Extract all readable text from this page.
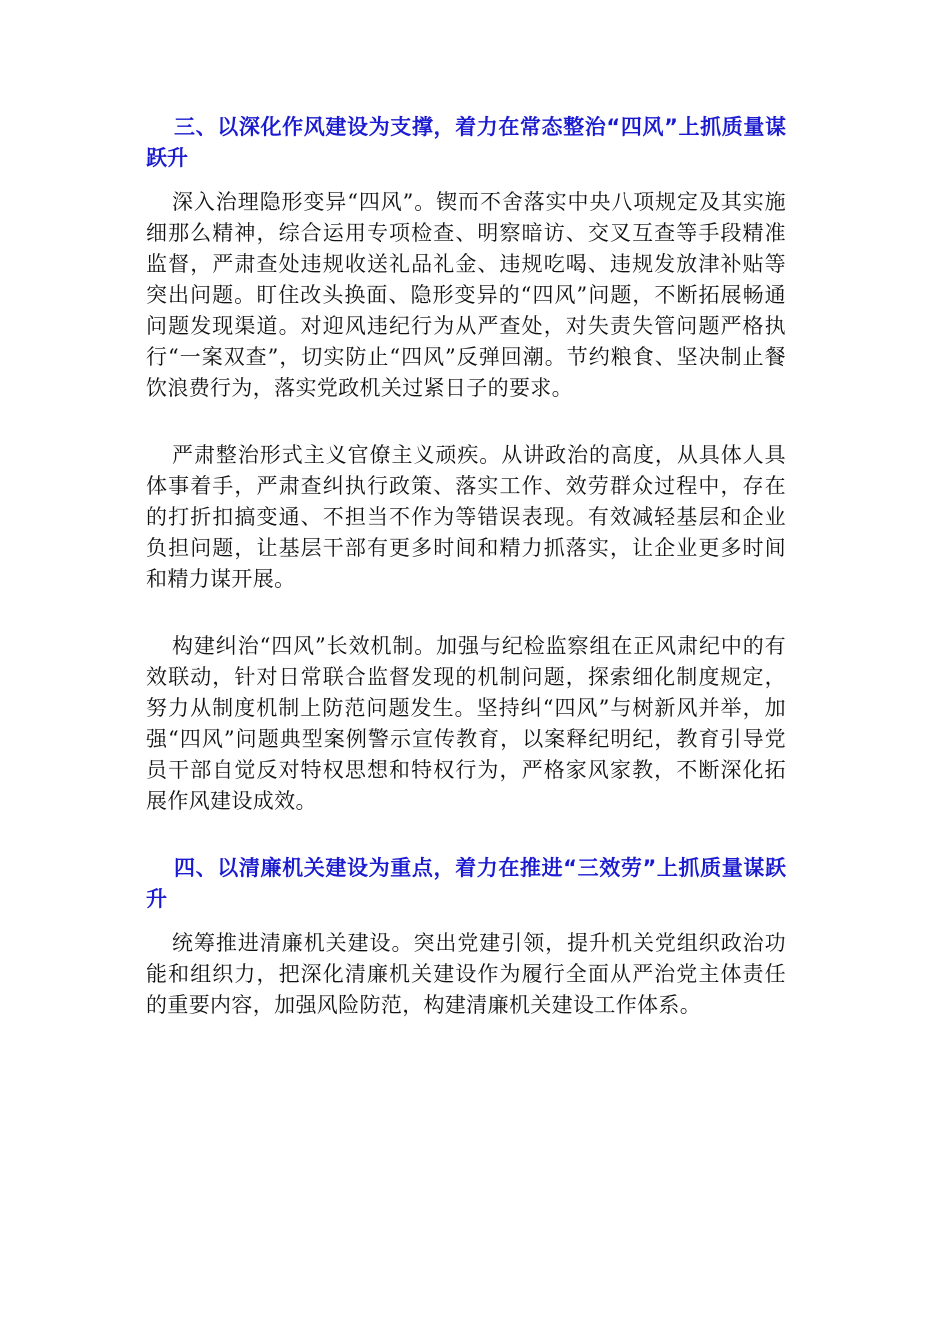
三、以深化作风建设为支撑，着力在常态整治“四风”上抓质量谋跃升

深入治理隐形变异“四风”。锲而不舍落实中央八项规定及其实施细那么精神，综合运用专项检查、明察暗访、交叉互查等手段精准监督，严肃查处违规收送礼品礼金、违规吃喝、违规发放津补贴等突出问题。盯住改头换面、隐形变异的“四风”问题，不断拓展畅通问题发现渠道。对迎风违纪行为从严查处，对失责失管问题严格执行“一案双查”，切实防止“四风”反弹回潮。节约粮食、坚决制止餐饮浪费行为，落实党政机关过紧日子的要求。

严肃整治形式主义官僚主义顽疾。从讲政治的高度，从具体人具体事着手，严肃查纠执行政策、落实工作、效劳群众过程中，存在的打折扣搞变通、不担当不作为等错误表现。有效减轻基层和企业负担问题，让基层干部有更多时间和精力抓落实，让企业更多时间和精力谋开展。

构建纠治“四风”长效机制。加强与纪检监察组在正风肃纪中的有效联动，针对日常联合监督发现的机制问题，探索细化制度规定，努力从制度机制上防范问题发生。坚持纠“四风”与树新风并举，加强“四风”问题典型案例警示宣传教育，以案释纪明纪，教育引导党员干部自觉反对特权思想和特权行为，严格家风家教，不断深化拓展作风建设成效。

四、以清廉机关建设为重点，着力在推进“三效劳”上抓质量谋跃升

统筹推进清廉机关建设。突出党建引领，提升机关党组织政治功能和组织力，把深化清廉机关建设作为履行全面从严治党主体责任的重要内容，加强风险防范，构建清廉机关建设工作体系。
